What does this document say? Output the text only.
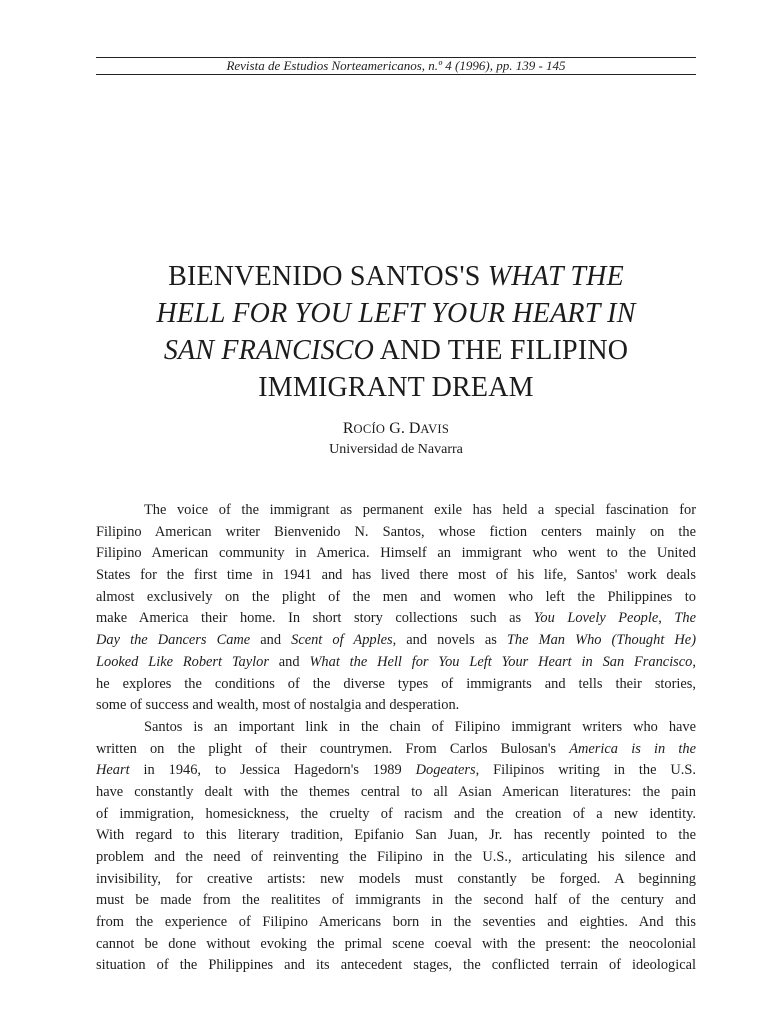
Revista de Estudios Norteamericanos, n.º 4 (1996), pp. 139 - 145
BIENVENIDO SANTOS'S WHAT THE
HELL FOR YOU LEFT YOUR HEART IN
SAN FRANCISCO AND THE FILIPINO
IMMIGRANT DREAM
ROCÍO G. DAVIS
Universidad de Navarra
The voice of the immigrant as permanent exile has held a special fascination for
Filipino American writer Bienvenido N. Santos, whose fiction centers mainly on the
Filipino American community in America. Himself an immigrant who went to the United
States for the first time in 1941 and has lived there most of his life, Santos' work deals
almost exclusively on the plight of the men and women who left the Philippines to
make America their home. In short story collections such as You Lovely People, The
Day the Dancers Came and Scent of Apples, and novels as The Man Who (Thought He)
Looked Like Robert Taylor and What the Hell for You Left Your Heart in San Francisco,
he explores the conditions of the diverse types of immigrants and tells their stories,
some of success and wealth, most of nostalgia and desperation.
Santos is an important link in the chain of Filipino immigrant writers who have
written on the plight of their countrymen. From Carlos Bulosan's America is in the
Heart in 1946, to Jessica Hagedorn's 1989 Dogeaters, Filipinos writing in the U.S.
have constantly dealt with the themes central to all Asian American literatures: the pain
of immigration, homesickness, the cruelty of racism and the creation of a new identity.
With regard to this literary tradition, Epifanio San Juan, Jr. has recently pointed to the
problem and the need of reinventing the Filipino in the U.S., articulating his silence and
invisibility, for creative artists: new models must constantly be forged. A beginning
must be made from the realitites of immigrants in the second half of the century and
from the experience of Filipino Americans born in the seventies and eighties. And this
cannot be done without evoking the primal scene coeval with the present: the neocolonial
situation of the Philippines and its antecedent stages, the conflicted terrain of ideological
